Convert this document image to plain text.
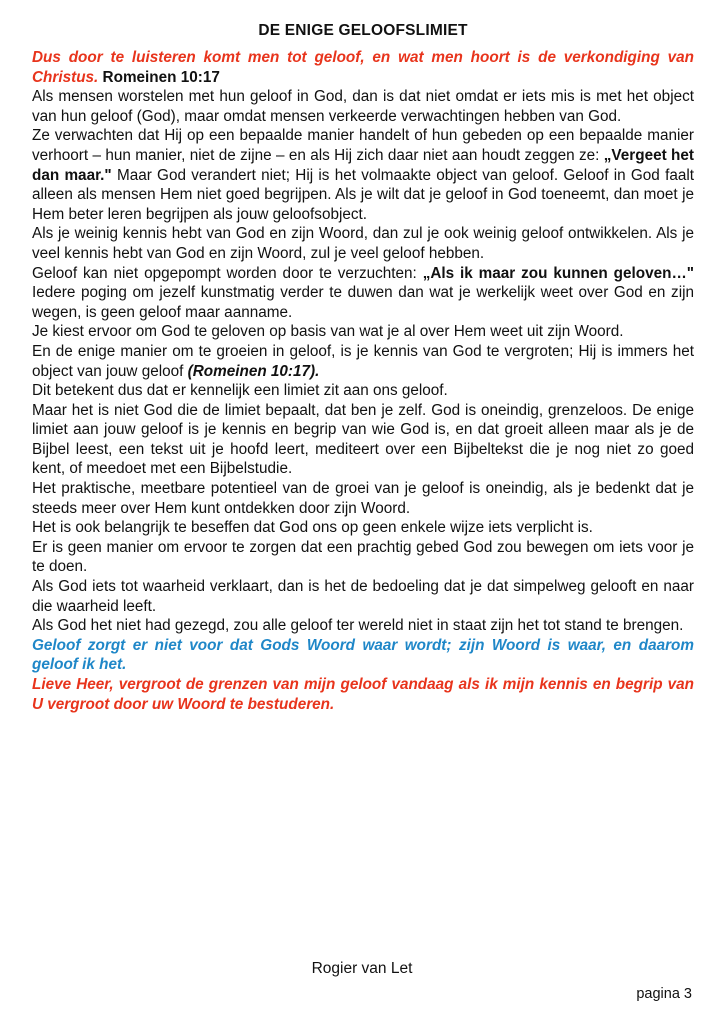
DE ENIGE GELOOFSLIMIET

Dus door te luisteren komt men tot geloof, en wat men hoort is de verkondiging van Christus. Romeinen 10:17

Als mensen worstelen met hun geloof in God, dan is dat niet omdat er iets mis is met het object van hun geloof (God), maar omdat mensen verkeerde verwachtingen hebben van God.

Ze verwachten dat Hij op een bepaalde manier handelt of hun gebeden op een bepaalde manier verhoort – hun manier, niet de zijne – en als Hij zich daar niet aan houdt zeggen ze: „Vergeet het dan maar." Maar God verandert niet; Hij is het volmaakte object van geloof. Geloof in God faalt alleen als mensen Hem niet goed begrijpen. Als je wilt dat je geloof in God toeneemt, dan moet je Hem beter leren begrijpen als jouw geloofsobject.

Als je weinig kennis hebt van God en zijn Woord, dan zul je ook weinig geloof ontwikkelen. Als je veel kennis hebt van God en zijn Woord, zul je veel geloof hebben.

Geloof kan niet opgepompt worden door te verzuchten: „Als ik maar zou kunnen geloven…" Iedere poging om jezelf kunstmatig verder te duwen dan wat je werkelijk weet over God en zijn wegen, is geen geloof maar aanname.

Je kiest ervoor om God te geloven op basis van wat je al over Hem weet uit zijn Woord.

En de enige manier om te groeien in geloof, is je kennis van God te vergroten; Hij is immers het object van jouw geloof (Romeinen 10:17).

Dit betekent dus dat er kennelijk een limiet zit aan ons geloof.

Maar het is niet God die de limiet bepaalt, dat ben je zelf. God is oneindig, grenzeloos. De enige limiet aan jouw geloof is je kennis en begrip van wie God is, en dat groeit alleen maar als je de Bijbel leest, een tekst uit je hoofd leert, mediteert over een Bijbeltekst die je nog niet zo goed kent, of meedoet met een Bijbelstudie.

Het praktische, meetbare potentieel van de groei van je geloof is oneindig, als je bedenkt dat je steeds meer over Hem kunt ontdekken door zijn Woord.

Het is ook belangrijk te beseffen dat God ons op geen enkele wijze iets verplicht is.

Er is geen manier om ervoor te zorgen dat een prachtig gebed God zou bewegen om iets voor je te doen.

Als God iets tot waarheid verklaart, dan is het de bedoeling dat je dat simpelweg gelooft en naar die waarheid leeft.

Als God het niet had gezegd, zou alle geloof ter wereld niet in staat zijn het tot stand te brengen.

Geloof zorgt er niet voor dat Gods Woord waar wordt; zijn Woord is waar, en daarom geloof ik het.

Lieve Heer, vergroot de grenzen van mijn geloof vandaag als ik mijn kennis en begrip van U vergroot door uw Woord te bestuderen.

Rogier van Let
pagina 3
